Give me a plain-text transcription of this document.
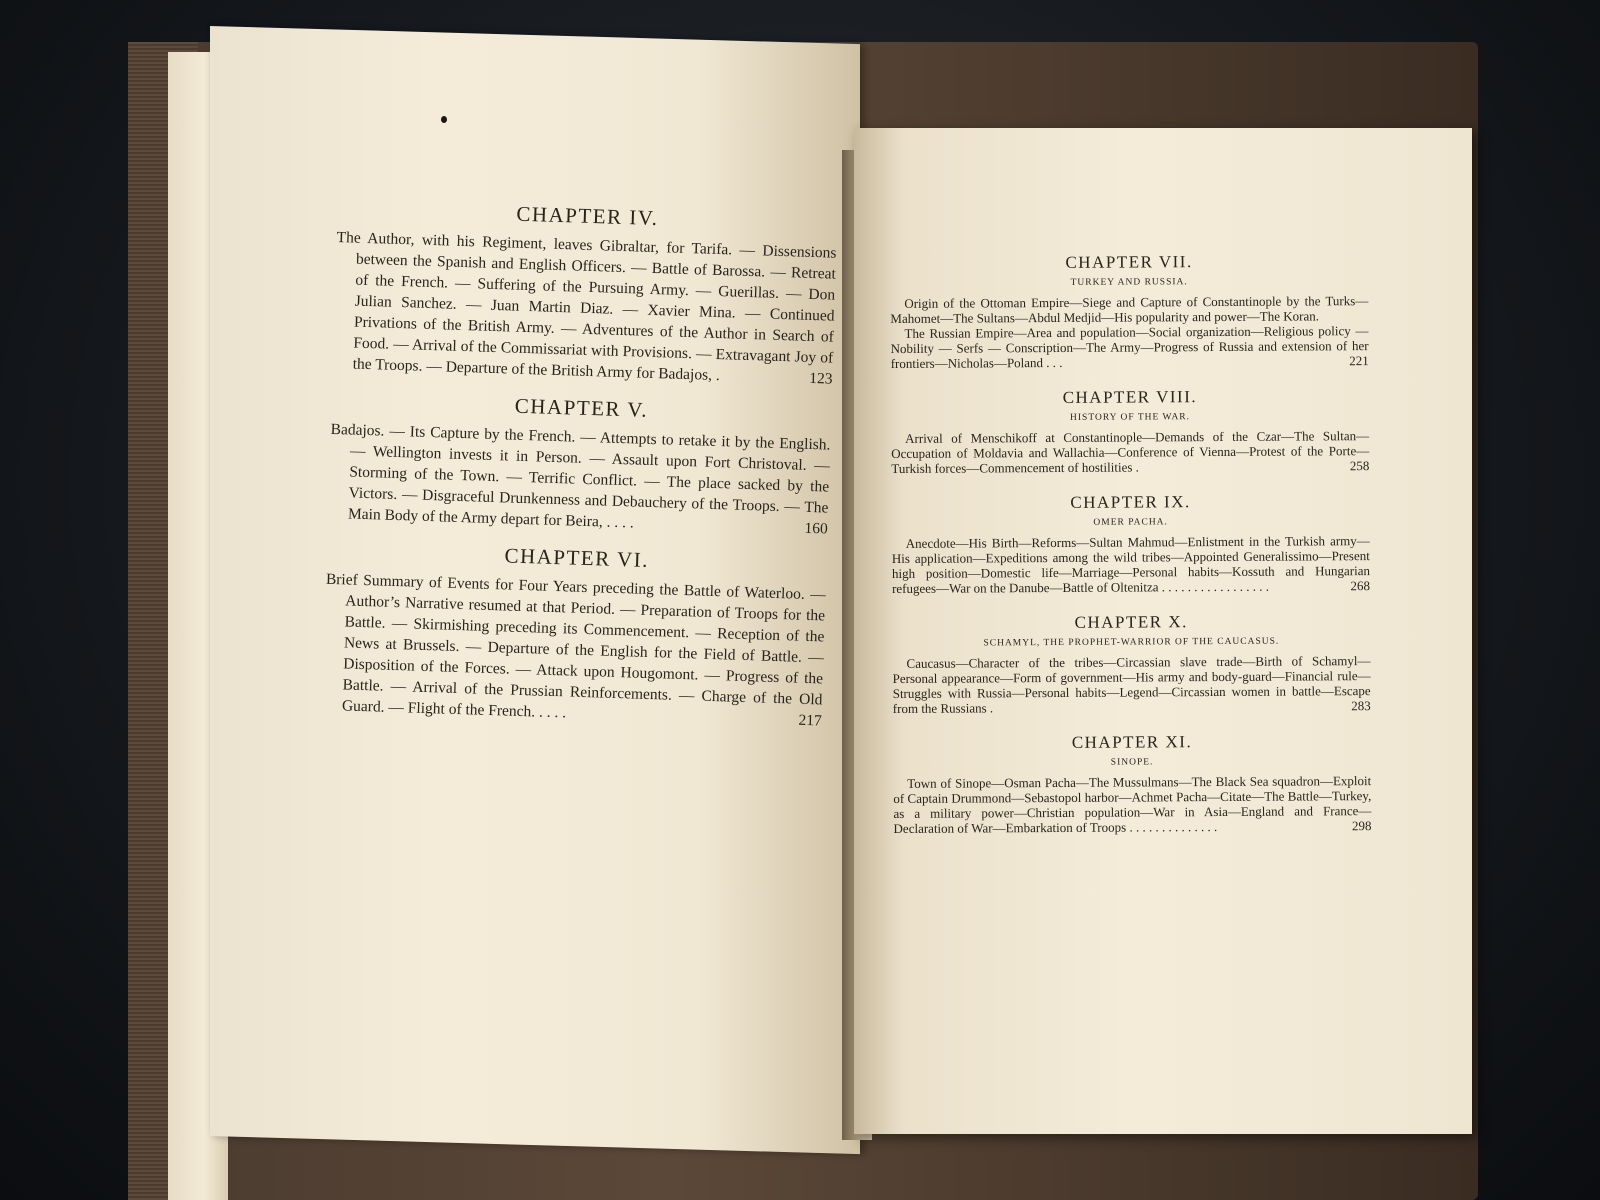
CHAPTER IV.

The Author, with his Regiment, leaves Gibraltar, for Tarifa. — Dissensions between the Spanish and English Officers. — Battle of Barossa. — Retreat of the French. — Suffering of the Pursuing Army. — Guerillas. — Don Julian Sanchez. — Juan Martin Diaz. — Xavier Mina. — Continued Privations of the British Army. — Adventures of the Author in Search of Food. — Arrival of the Commissariat with Provisions. — Extravagant Joy of the Troops. — Departure of the British Army for Badajos, .	123

CHAPTER V.

Badajos. — Its Capture by the French. — Attempts to retake it by the English. — Wellington invests it in Person. — Assault upon Fort Christoval. — Storming of the Town. — Terrific Conflict. — The place sacked by the Victors. — Disgraceful Drunkenness and Debauchery of the Troops. — The Main Body of the Army depart for Beira, . . . .	160

CHAPTER VI.

Brief Summary of Events for Four Years preceding the Battle of Waterloo. — Author’s Narrative resumed at that Period. — Preparation of Troops for the Battle. — Skirmishing preceding its Commencement. — Reception of the News at Brussels. — Departure of the English for the Field of Battle. — Disposition of the Forces. — Attack upon Hougomont. — Progress of the Battle. — Arrival of the Prussian Reinforcements. — Charge of the Old Guard. — Flight of the French. . . . .	217

CHAPTER VII.

TURKEY AND RUSSIA.

Origin of the Ottoman Empire—Siege and Capture of Constantinople by the Turks—Mahomet—The Sultans—Abdul Medjid—His popularity and power—The Koran.
The Russian Empire—Area and population—Social organization—Religious policy — Nobility — Serfs — Conscription—The Army—Progress of Russia and extension of her frontiers—Nicholas—Poland . . .	221

CHAPTER VIII.

HISTORY OF THE WAR.

Arrival of Menschikoff at Constantinople—Demands of the Czar—The Sultan—Occupation of Moldavia and Wallachia—Conference of Vienna—Protest of the Porte—Turkish forces—Commencement of hostilities .	258

CHAPTER IX.

OMER PACHA.

Anecdote—His Birth—Reforms—Sultan Mahmud—Enlistment in the Turkish army—His application—Expeditions among the wild tribes—Appointed Generalissimo—Present high position—Domestic life—Marriage—Personal habits—Kossuth and Hungarian refugees—War on the Danube—Battle of Oltenitza . . . . . . . . . . . . . . . . .	268

CHAPTER X.

SCHAMYL, THE PROPHET-WARRIOR OF THE CAUCASUS.

Caucasus—Character of the tribes—Circassian slave trade—Birth of Schamyl—Personal appearance—Form of government—His army and body-guard—Financial rule—Struggles with Russia—Personal habits—Legend—Circassian women in battle—Escape from the Russians .	283

CHAPTER XI.

SINOPE.

Town of Sinope—Osman Pacha—The Mussulmans—The Black Sea squadron—Exploit of Captain Drummond—Sebastopol harbor—Achmet Pacha—Citate—The Battle—Turkey, as a military power—Christian population—War in Asia—England and France—Declaration of War—Embarkation of Troops . . . . . . . . . . . . . .	298
